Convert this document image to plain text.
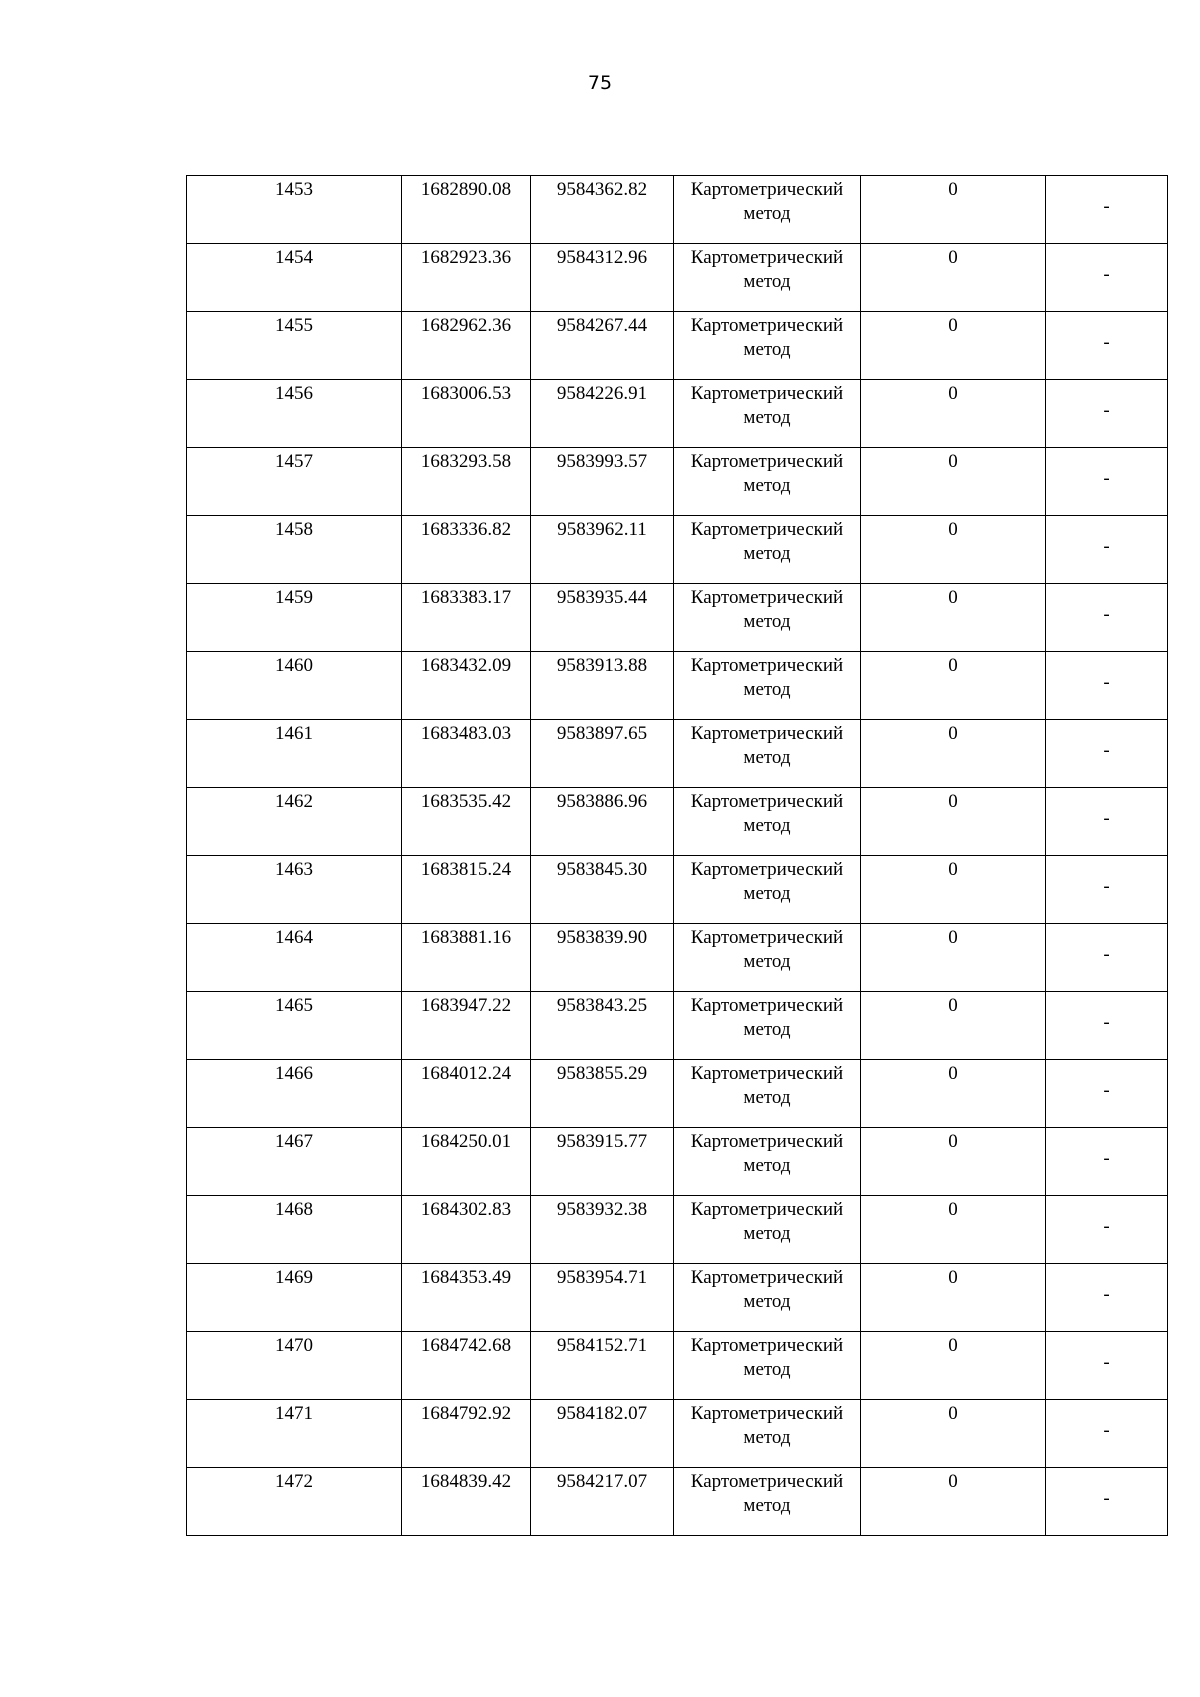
75
1453	1682890.08	9584362.82	Картометрический метод	0	-

1454	1682923.36	9584312.96	Картометрический метод	0	-

1455	1682962.36	9584267.44	Картометрический метод	0	-

1456	1683006.53	9584226.91	Картометрический метод	0	-

1457	1683293.58	9583993.57	Картометрический метод	0	-

1458	1683336.82	9583962.11	Картометрический метод	0	-

1459	1683383.17	9583935.44	Картометрический метод	0	-

1460	1683432.09	9583913.88	Картометрический метод	0	-

1461	1683483.03	9583897.65	Картометрический метод	0	-

1462	1683535.42	9583886.96	Картометрический метод	0	-

1463	1683815.24	9583845.30	Картометрический метод	0	-

1464	1683881.16	9583839.90	Картометрический метод	0	-

1465	1683947.22	9583843.25	Картометрический метод	0	-

1466	1684012.24	9583855.29	Картометрический метод	0	-

1467	1684250.01	9583915.77	Картометрический метод	0	-

1468	1684302.83	9583932.38	Картометрический метод	0	-

1469	1684353.49	9583954.71	Картометрический метод	0	-

1470	1684742.68	9584152.71	Картометрический метод	0	-

1471	1684792.92	9584182.07	Картометрический метод	0	-

1472	1684839.42	9584217.07	Картометрический метод	0	-
